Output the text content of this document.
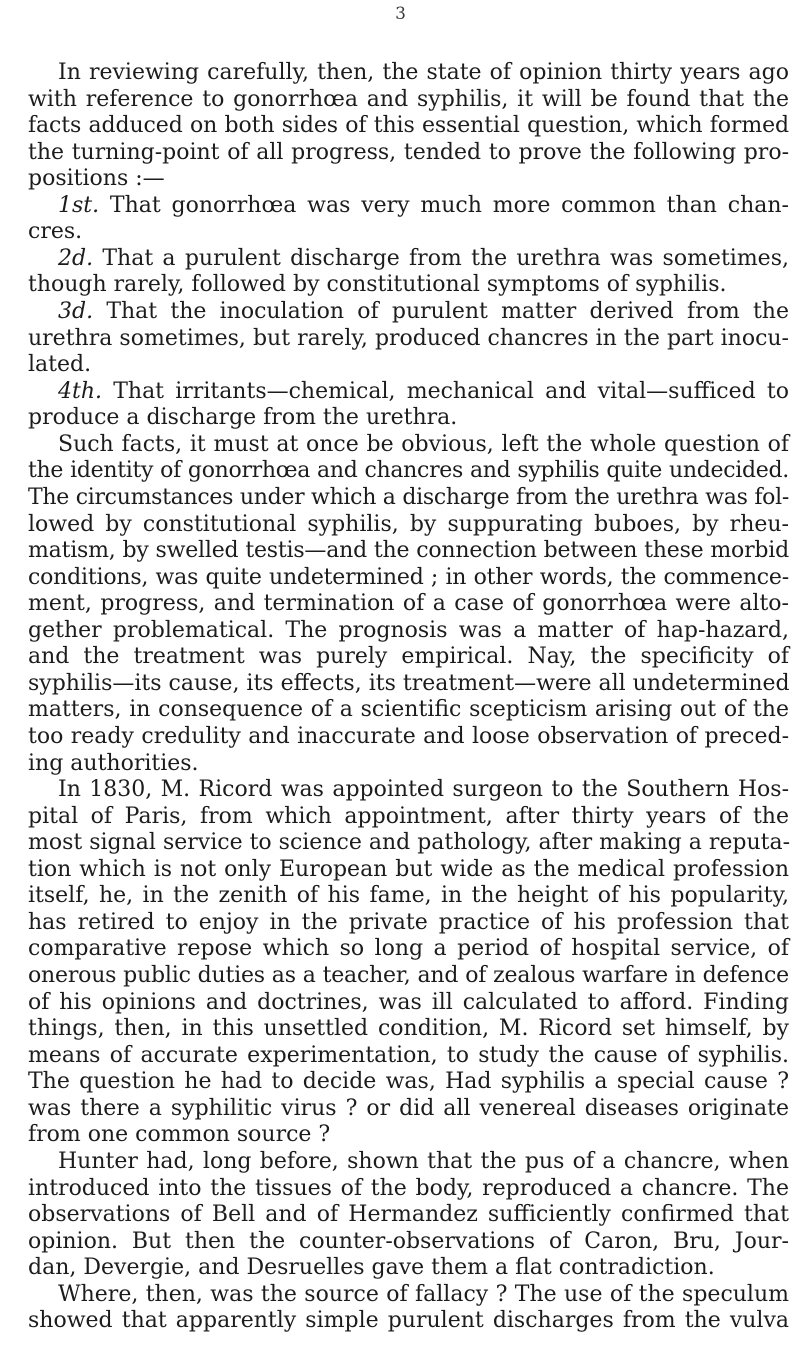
3
In reviewing carefully, then, the state of opinion thirty years ago
with reference to gonorrhœa and syphilis, it will be found that the
facts adduced on both sides of this essential question, which formed
the turning-point of all progress, tended to prove the following pro-
positions :—
1st. That gonorrhœa was very much more common than chan-
cres.
2d. That a purulent discharge from the urethra was sometimes,
though rarely, followed by constitutional symptoms of syphilis.
3d. That the inoculation of purulent matter derived from the
urethra sometimes, but rarely, produced chancres in the part inocu-
lated.
4th. That irritants—chemical, mechanical and vital—sufficed to
produce a discharge from the urethra.
Such facts, it must at once be obvious, left the whole question of
the identity of gonorrhœa and chancres and syphilis quite undecided.
The circumstances under which a discharge from the urethra was fol-
lowed by constitutional syphilis, by suppurating buboes, by rheu-
matism, by swelled testis—and the connection between these morbid
conditions, was quite undetermined ; in other words, the commence-
ment, progress, and termination of a case of gonorrhœa were alto-
gether problematical. The prognosis was a matter of hap-hazard,
and the treatment was purely empirical. Nay, the specificity of
syphilis—its cause, its effects, its treatment—were all undetermined
matters, in consequence of a scientific scepticism arising out of the
too ready credulity and inaccurate and loose observation of preced-
ing authorities.
In 1830, M. Ricord was appointed surgeon to the Southern Hos-
pital of Paris, from which appointment, after thirty years of the
most signal service to science and pathology, after making a reputa-
tion which is not only European but wide as the medical profession
itself, he, in the zenith of his fame, in the height of his popularity,
has retired to enjoy in the private practice of his profession that
comparative repose which so long a period of hospital service, of
onerous public duties as a teacher, and of zealous warfare in defence
of his opinions and doctrines, was ill calculated to afford. Finding
things, then, in this unsettled condition, M. Ricord set himself, by
means of accurate experimentation, to study the cause of syphilis.
The question he had to decide was, Had syphilis a special cause ?
was there a syphilitic virus ? or did all venereal diseases originate
from one common source ?
Hunter had, long before, shown that the pus of a chancre, when
introduced into the tissues of the body, reproduced a chancre. The
observations of Bell and of Hermandez sufficiently confirmed that
opinion. But then the counter-observations of Caron, Bru, Jour-
dan, Devergie, and Desruelles gave them a flat contradiction.
Where, then, was the source of fallacy ? The use of the speculum
showed that apparently simple purulent discharges from the vulva
